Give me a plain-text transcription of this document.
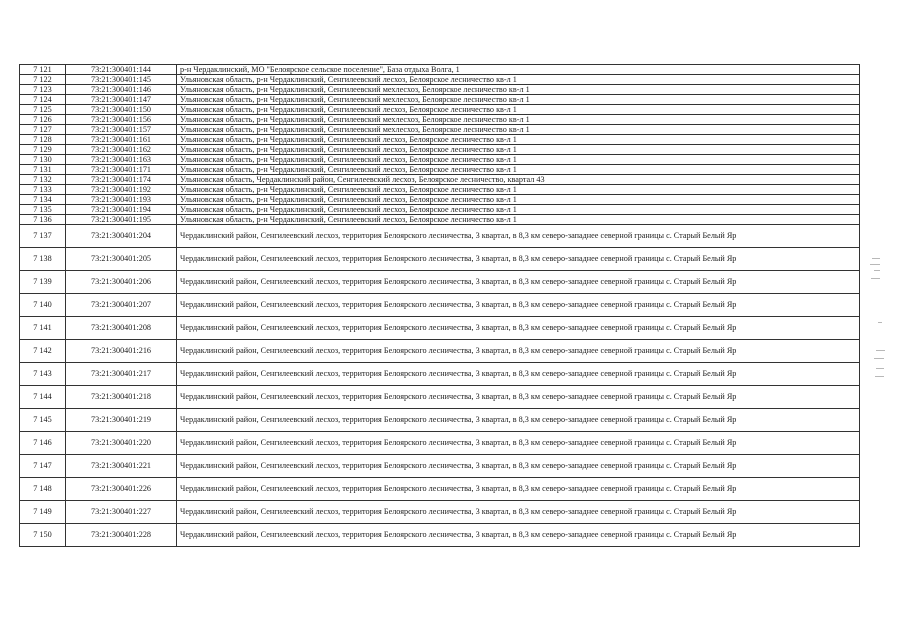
7 121	73:21:300401:144	р-н Чердаклинский, МО "Белоярское сельское поселение", База отдыха Волга, 1
7 122	73:21:300401:145	Ульяновская область, р-н Чердаклинский, Сенгилеевский лесхоз, Белоярское лесничество кв-л 1
7 123	73:21:300401:146	Ульяновская область, р-н Чердаклинский, Сенгилеевский мехлесхоз, Белоярское лесничество кв-л 1
7 124	73:21:300401:147	Ульяновская область, р-н Чердаклинский, Сенгилеевский мехлесхоз, Белоярское лесничество кв-л 1
7 125	73:21:300401:150	Ульяновская область, р-н Чердаклинский, Сенгилеевский лесхоз, Белоярское лесничество кв-л 1
7 126	73:21:300401:156	Ульяновская область, р-н Чердаклинский, Сенгилеевский мехлесхоз, Белоярское лесничество кв-л 1
7 127	73:21:300401:157	Ульяновская область, р-н Чердаклинский, Сенгилеевский мехлесхоз, Белоярское лесничество кв-л 1
7 128	73:21:300401:161	Ульяновская область, р-н Чердаклинский, Сенгилеевский лесхоз, Белоярское лесничество кв-л 1
7 129	73:21:300401:162	Ульяновская область, р-н Чердаклинский, Сенгилеевский лесхоз, Белоярское лесничество кв-л 1
7 130	73:21:300401:163	Ульяновская область, р-н Чердаклинский, Сенгилеевский лесхоз, Белоярское лесничество кв-л 1
7 131	73:21:300401:171	Ульяновская область, р-н Чердаклинский, Сенгилеевский лесхоз, Белоярское лесничество кв-л 1
7 132	73:21:300401:174	Ульяновская область, Чердаклинский район, Сенгилеевский лесхоз, Белоярское лесничество, квартал 43
7 133	73:21:300401:192	Ульяновская область, р-н Чердаклинский, Сенгилеевский лесхоз, Белоярское лесничество кв-л 1
7 134	73:21:300401:193	Ульяновская область, р-н Чердаклинский, Сенгилеевский лесхоз, Белоярское лесничество кв-л 1
7 135	73:21:300401:194	Ульяновская область, р-н Чердаклинский, Сенгилеевский лесхоз, Белоярское лесничество кв-л 1
7 136	73:21:300401:195	Ульяновская область, р-н Чердаклинский, Сенгилеевский лесхоз, Белоярское лесничество кв-л 1
7 137	73:21:300401:204	Чердаклинский район, Сенгилеевский лесхоз, территория Белоярского лесничества, 3 квартал, в 8,3 км северо-западнее северной границы с. Старый Белый Яр
7 138	73:21:300401:205	Чердаклинский район, Сенгилеевский лесхоз, территория Белоярского лесничества, 3 квартал, в 8,3 км северо-западнее северной границы с. Старый Белый Яр
7 139	73:21:300401:206	Чердаклинский район, Сенгилеевский лесхоз, территория Белоярского лесничества, 3 квартал, в 8,3 км северо-западнее северной границы с. Старый Белый Яр
7 140	73:21:300401:207	Чердаклинский район, Сенгилеевский лесхоз, территория Белоярского лесничества, 3 квартал, в 8,3 км северо-западнее северной границы с. Старый Белый Яр
7 141	73:21:300401:208	Чердаклинский район, Сенгилеевский лесхоз, территория Белоярского лесничества, 3 квартал, в 8,3 км северо-западнее северной границы с. Старый Белый Яр
7 142	73:21:300401:216	Чердаклинский район, Сенгилеевский лесхоз, территория Белоярского лесничества, 3 квартал, в 8,3 км северо-западнее северной границы с. Старый Белый Яр
7 143	73:21:300401:217	Чердаклинский район, Сенгилеевский лесхоз, территория Белоярского лесничества, 3 квартал, в 8,3 км северо-западнее северной границы с. Старый Белый Яр
7 144	73:21:300401:218	Чердаклинский район, Сенгилеевский лесхоз, территория Белоярского лесничества, 3 квартал, в 8,3 км северо-западнее северной границы с. Старый Белый Яр
7 145	73:21:300401:219	Чердаклинский район, Сенгилеевский лесхоз, территория Белоярского лесничества, 3 квартал, в 8,3 км северо-западнее северной границы с. Старый Белый Яр
7 146	73:21:300401:220	Чердаклинский район, Сенгилеевский лесхоз, территория Белоярского лесничества, 3 квартал, в 8,3 км северо-западнее северной границы с. Старый Белый Яр
7 147	73:21:300401:221	Чердаклинский район, Сенгилеевский лесхоз, территория Белоярского лесничества, 3 квартал, в 8,3 км северо-западнее северной границы с. Старый Белый Яр
7 148	73:21:300401:226	Чердаклинский район, Сенгилеевский лесхоз, территория Белоярского лесничества, 3 квартал, в 8,3 км северо-западнее северной границы с. Старый Белый Яр
7 149	73:21:300401:227	Чердаклинский район, Сенгилеевский лесхоз, территория Белоярского лесничества, 3 квартал, в 8,3 км северо-западнее северной границы с. Старый Белый Яр
7 150	73:21:300401:228	Чердаклинский район, Сенгилеевский лесхоз, территория Белоярского лесничества, 3 квартал, в 8,3 км северо-западнее северной границы с. Старый Белый Яр
